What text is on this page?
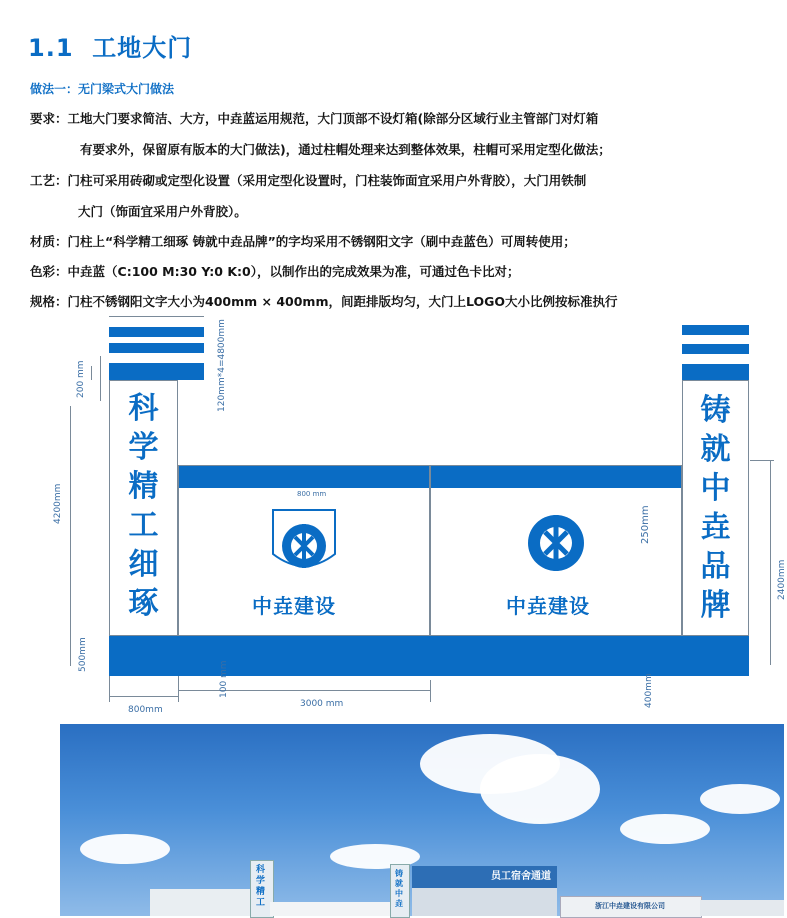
1.1 工地大门
做法一：无门梁式大门做法
要求：工地大门要求简洁、大方，中垚蓝运用规范，大门顶部不设灯箱(除部分区域行业主管部门对灯箱
有要求外，保留原有版本的大门做法)，通过柱帽处理来达到整体效果，柱帽可采用定型化做法；
工艺：门柱可采用砖砌或定型化设置（采用定型化设置时，门柱装饰面宜采用户外背胶），大门用铁制
大门（饰面宜采用户外背胶）。
材质：门柱上“科学精工细琢 铸就中垚品牌”的字均采用不锈钢阳文字（刷中垚蓝色）可周转使用；
色彩：中垚蓝（C:100 M:30 Y:0 K:0），以制作出的完成效果为准，可通过色卡比对；
规格：门柱不锈钢阳文字大小为400mm × 400mm，间距排版均匀，大门上LOGO大小比例按标准执行
科
学
精
工
细
琢
800 mm
中垚建设	中垚建设
铸
就
中
垚
品
牌
120mm*4=4800mm
200 mm
4200mm
500mm
100 mm
800mm
3000 mm
250mm
400mm
2400mm
科学精工
铸就中垚
员工宿舍通道
浙江中垚建设有限公司
